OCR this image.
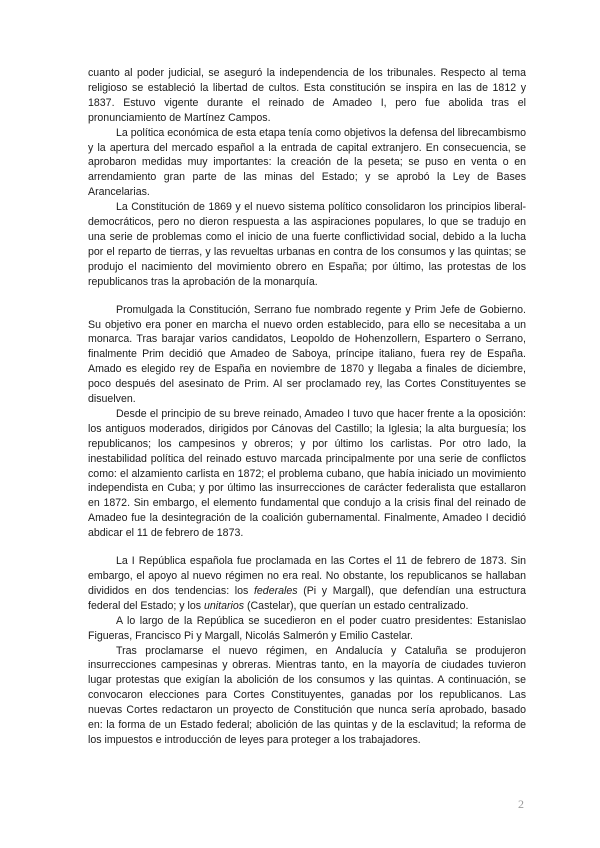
cuanto al poder judicial, se aseguró la independencia de los tribunales. Respecto al tema religioso se estableció la libertad de cultos. Esta constitución se inspira en las de 1812 y 1837. Estuvo vigente durante el reinado de Amadeo I, pero fue abolida tras el pronunciamiento de Martínez Campos.

La política económica de esta etapa tenía como objetivos la defensa del librecambismo y la apertura del mercado español a la entrada de capital extranjero. En consecuencia, se aprobaron medidas muy importantes: la creación de la peseta; se puso en venta o en arrendamiento gran parte de las minas del Estado; y se aprobó la Ley de Bases Arancelarias.

La Constitución de 1869 y el nuevo sistema político consolidaron los principios liberal-democráticos, pero no dieron respuesta a las aspiraciones populares, lo que se tradujo en una serie de problemas como el inicio de una fuerte conflictividad social, debido a la lucha por el reparto de tierras, y las revueltas urbanas en contra de los consumos y las quintas; se produjo el nacimiento del movimiento obrero en España; por último, las protestas de los republicanos tras la aprobación de la monarquía.

Promulgada la Constitución, Serrano fue nombrado regente y Prim Jefe de Gobierno. Su objetivo era poner en marcha el nuevo orden establecido, para ello se necesitaba a un monarca. Tras barajar varios candidatos, Leopoldo de Hohenzollern, Espartero o Serrano, finalmente Prim decidió que Amadeo de Saboya, príncipe italiano, fuera rey de España. Amado es elegido rey de España en noviembre de 1870 y llegaba a finales de diciembre, poco después del asesinato de Prim. Al ser proclamado rey, las Cortes Constituyentes se disuelven.

Desde el principio de su breve reinado, Amadeo I tuvo que hacer frente a la oposición: los antiguos moderados, dirigidos por Cánovas del Castillo; la Iglesia; la alta burguesía; los republicanos; los campesinos y obreros; y por último los carlistas. Por otro lado, la inestabilidad política del reinado estuvo marcada principalmente por una serie de conflictos como: el alzamiento carlista en 1872; el problema cubano, que había iniciado un movimiento independista en Cuba; y por último las insurrecciones de carácter federalista que estallaron en 1872. Sin embargo, el elemento fundamental que condujo a la crisis final del reinado de Amadeo fue la desintegración de la coalición gubernamental. Finalmente, Amadeo I decidió abdicar el 11 de febrero de 1873.

La I República española fue proclamada en las Cortes el 11 de febrero de 1873. Sin embargo, el apoyo al nuevo régimen no era real. No obstante, los republicanos se hallaban divididos en dos tendencias: los federales (Pi y Margall), que defendían una estructura federal del Estado; y los unitarios (Castelar), que querían un estado centralizado.

A lo largo de la República se sucedieron en el poder cuatro presidentes: Estanislao Figueras, Francisco Pi y Margall, Nicolás Salmerón y Emilio Castelar.

Tras proclamarse el nuevo régimen, en Andalucía y Cataluña se produjeron insurrecciones campesinas y obreras. Mientras tanto, en la mayoría de ciudades tuvieron lugar protestas que exigían la abolición de los consumos y las quintas. A continuación, se convocaron elecciones para Cortes Constituyentes, ganadas por los republicanos. Las nuevas Cortes redactaron un proyecto de Constitución que nunca sería aprobado, basado en: la forma de un Estado federal; abolición de las quintas y de la esclavitud; la reforma de los impuestos e introducción de leyes para proteger a los trabajadores.

2
